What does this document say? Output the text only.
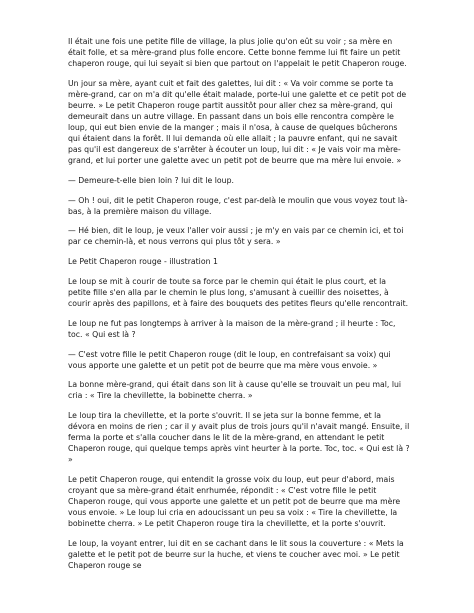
Il était une fois une petite fille de village, la plus jolie qu'on eût su voir ; sa mère en était folle, et sa mère-grand plus folle encore. Cette bonne femme lui fit faire un petit chaperon rouge, qui lui seyait si bien que partout on l'appelait le petit Chaperon rouge.

Un jour sa mère, ayant cuit et fait des galettes, lui dit : « Va voir comme se porte ta mère-grand, car on m'a dit qu'elle était malade, porte-lui une galette et ce petit pot de beurre. » Le petit Chaperon rouge partit aussitôt pour aller chez sa mère-grand, qui demeurait dans un autre village. En passant dans un bois elle rencontra compère le loup, qui eut bien envie de la manger ; mais il n'osa, à cause de quelques bûcherons qui étaient dans la forêt. Il lui demanda où elle allait ; la pauvre enfant, qui ne savait pas qu'il est dangereux de s'arrêter à écouter un loup, lui dit : « Je vais voir ma mère-grand, et lui porter une galette avec un petit pot de beurre que ma mère lui envoie. »

— Demeure-t-elle bien loin ? lui dit le loup.

— Oh ! oui, dit le petit Chaperon rouge, c'est par-delà le moulin que vous voyez tout là-bas, à la première maison du village.

— Hé bien, dit le loup, je veux l'aller voir aussi ; je m'y en vais par ce chemin ici, et toi par ce chemin-là, et nous verrons qui plus tôt y sera. »

Le Petit Chaperon rouge - illustration 1

Le loup se mit à courir de toute sa force par le chemin qui était le plus court, et la petite fille s'en alla par le chemin le plus long, s'amusant à cueillir des noisettes, à courir après des papillons, et à faire des bouquets des petites fleurs qu'elle rencontrait.

Le loup ne fut pas longtemps à arriver à la maison de la mère-grand ; il heurte : Toc, toc. « Qui est là ?

— C'est votre fille le petit Chaperon rouge (dit le loup, en contrefaisant sa voix) qui vous apporte une galette et un petit pot de beurre que ma mère vous envoie. »

La bonne mère-grand, qui était dans son lit à cause qu'elle se trouvait un peu mal, lui cria : « Tire la chevillette, la bobinette cherra. »

Le loup tira la chevillette, et la porte s'ouvrit. Il se jeta sur la bonne femme, et la dévora en moins de rien ; car il y avait plus de trois jours qu'il n'avait mangé. Ensuite, il ferma la porte et s'alla coucher dans le lit de la mère-grand, en attendant le petit Chaperon rouge, qui quelque temps après vint heurter à la porte. Toc, toc. « Qui est là ? »

Le petit Chaperon rouge, qui entendit la grosse voix du loup, eut peur d'abord, mais croyant que sa mère-grand était enrhumée, répondit : « C'est votre fille le petit Chaperon rouge, qui vous apporte une galette et un petit pot de beurre que ma mère vous envoie. » Le loup lui cria en adoucissant un peu sa voix : « Tire la chevillette, la bobinette cherra. » Le petit Chaperon rouge tira la chevillette, et la porte s'ouvrit.

Le loup, la voyant entrer, lui dit en se cachant dans le lit sous la couverture : « Mets la galette et le petit pot de beurre sur la huche, et viens te coucher avec moi. » Le petit Chaperon rouge se
